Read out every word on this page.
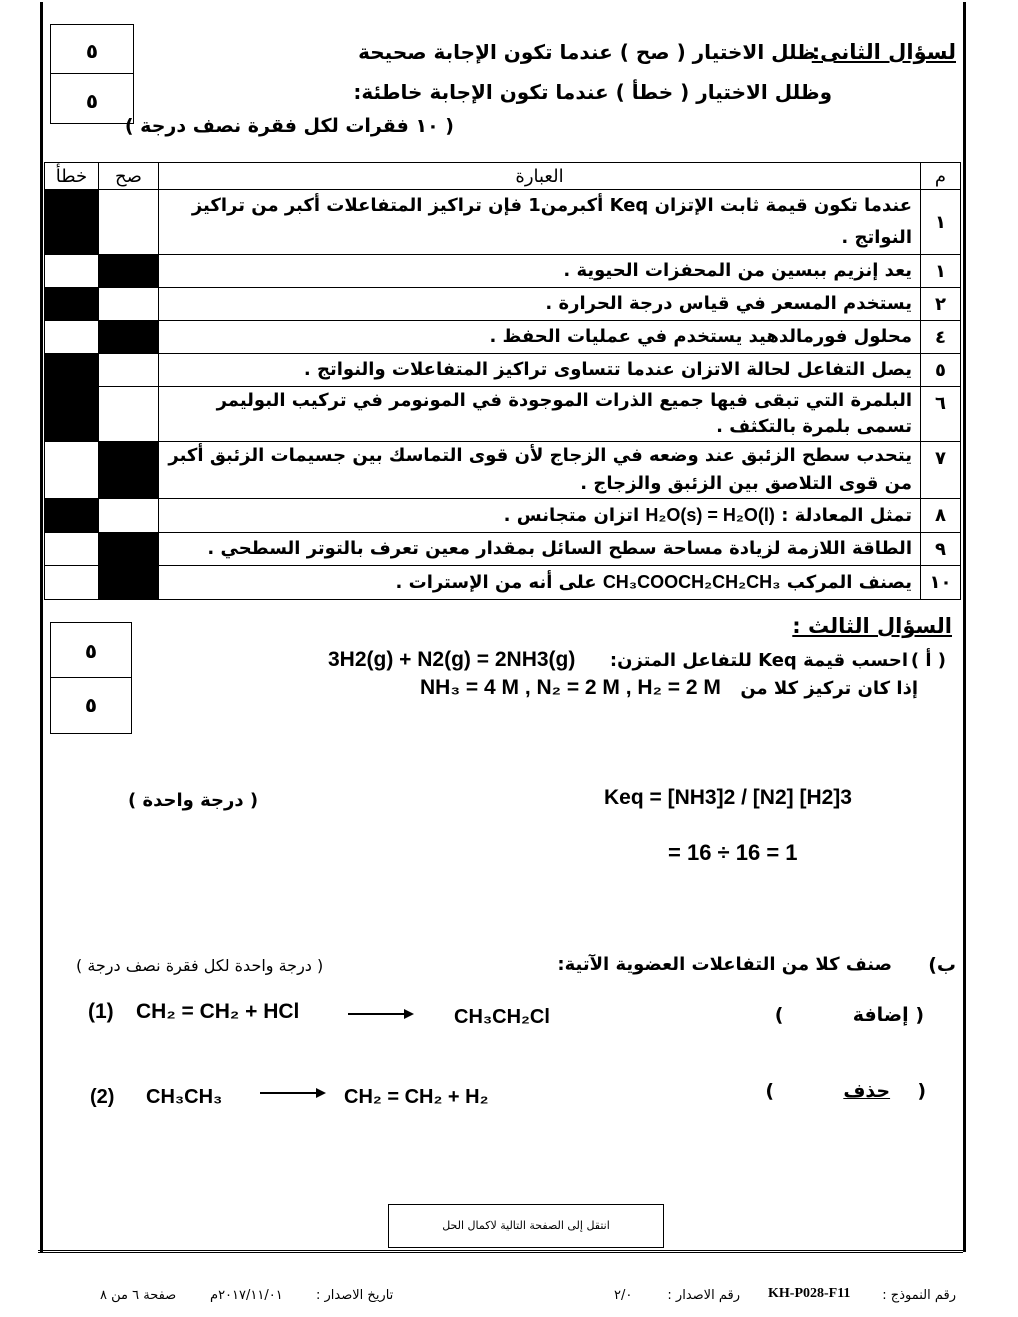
٥
٥
لسؤال الثانى:
ظلل الاختيار ( صح ) عندما تكون الإجابة صحيحة
وظلل الاختيار ( خطأ ) عندما تكون الإجابة خاطئة:
( ١٠ فقرات لكل فقرة نصف درجة )
خطأ	صح	العبارة	م
		عندما تكون قيمة ثابت الإتزان Keq أكبرمن1 فإن تراكيز المتفاعلات أكبر من تراكيز النواتج .	١
		يعد إنزيم ببسين من المحفزات الحيوية .	١
		يستخدم المسعر في قياس درجة الحرارة .	٢
		محلول فورمالدهيد يستخدم في عمليات الحفظ .	٤
		يصل التفاعل لحالة الاتزان عندما تتساوى تراكيز المتفاعلات والنواتج .	٥
		البلمرة التي تبقى فيها جميع الذرات الموجودة في المونومر في تركيب البوليمر تسمى بلمرة بالتكثف .	٦
		يتحدب سطح الزئبق عند وضعه في الزجاج لأن قوى التماسك بين جسيمات الزئبق أكبر من قوى التلاصق بين الزئبق والزجاج .	٧
		تمثل المعادلة : H₂O(s) = H₂O(l) اتزان متجانس .	٨
		الطاقة اللازمة لزيادة مساحة سطح السائل بمقدار معين تعرف بالتوتر السطحي .	٩
		يصنف المركب CH₃COOCH₂CH₂CH₃ على أنه من الإسترات .	١٠
٥
٥
السؤال الثالث :
( أ )
احسب قيمة Keq للتفاعل المتزن:
3H2(g) + N2(g) = 2NH3(g)
إذا كان تركيز كلا من
NH₃ = 4 M , N₂ = 2 M , H₂ = 2 M
( درجة واحدة )	Keq = [NH3]2 / [N2] [H2]3
= 16 ÷ 16 = 1
ب)
صنف كلا من التفاعلات العضوية الآتية:
( درجة واحدة لكل فقرة نصف درجة )
(1) CH₂ = CH₂ + HCl	CH₃CH₂Cl	( إضافة  )
(2) CH₃CH₃	CH₂ = CH₂ + H₂	(  حذف  )
انتقل إلى الصفحة التالية لاكمال الحل
رقم النموذج :
KH-P028-F11
رقم الاصدار :
٢/٠
تاريخ الاصدار :
٢٠١٧/١١/٠١م
صفحة ٦ من ٨
